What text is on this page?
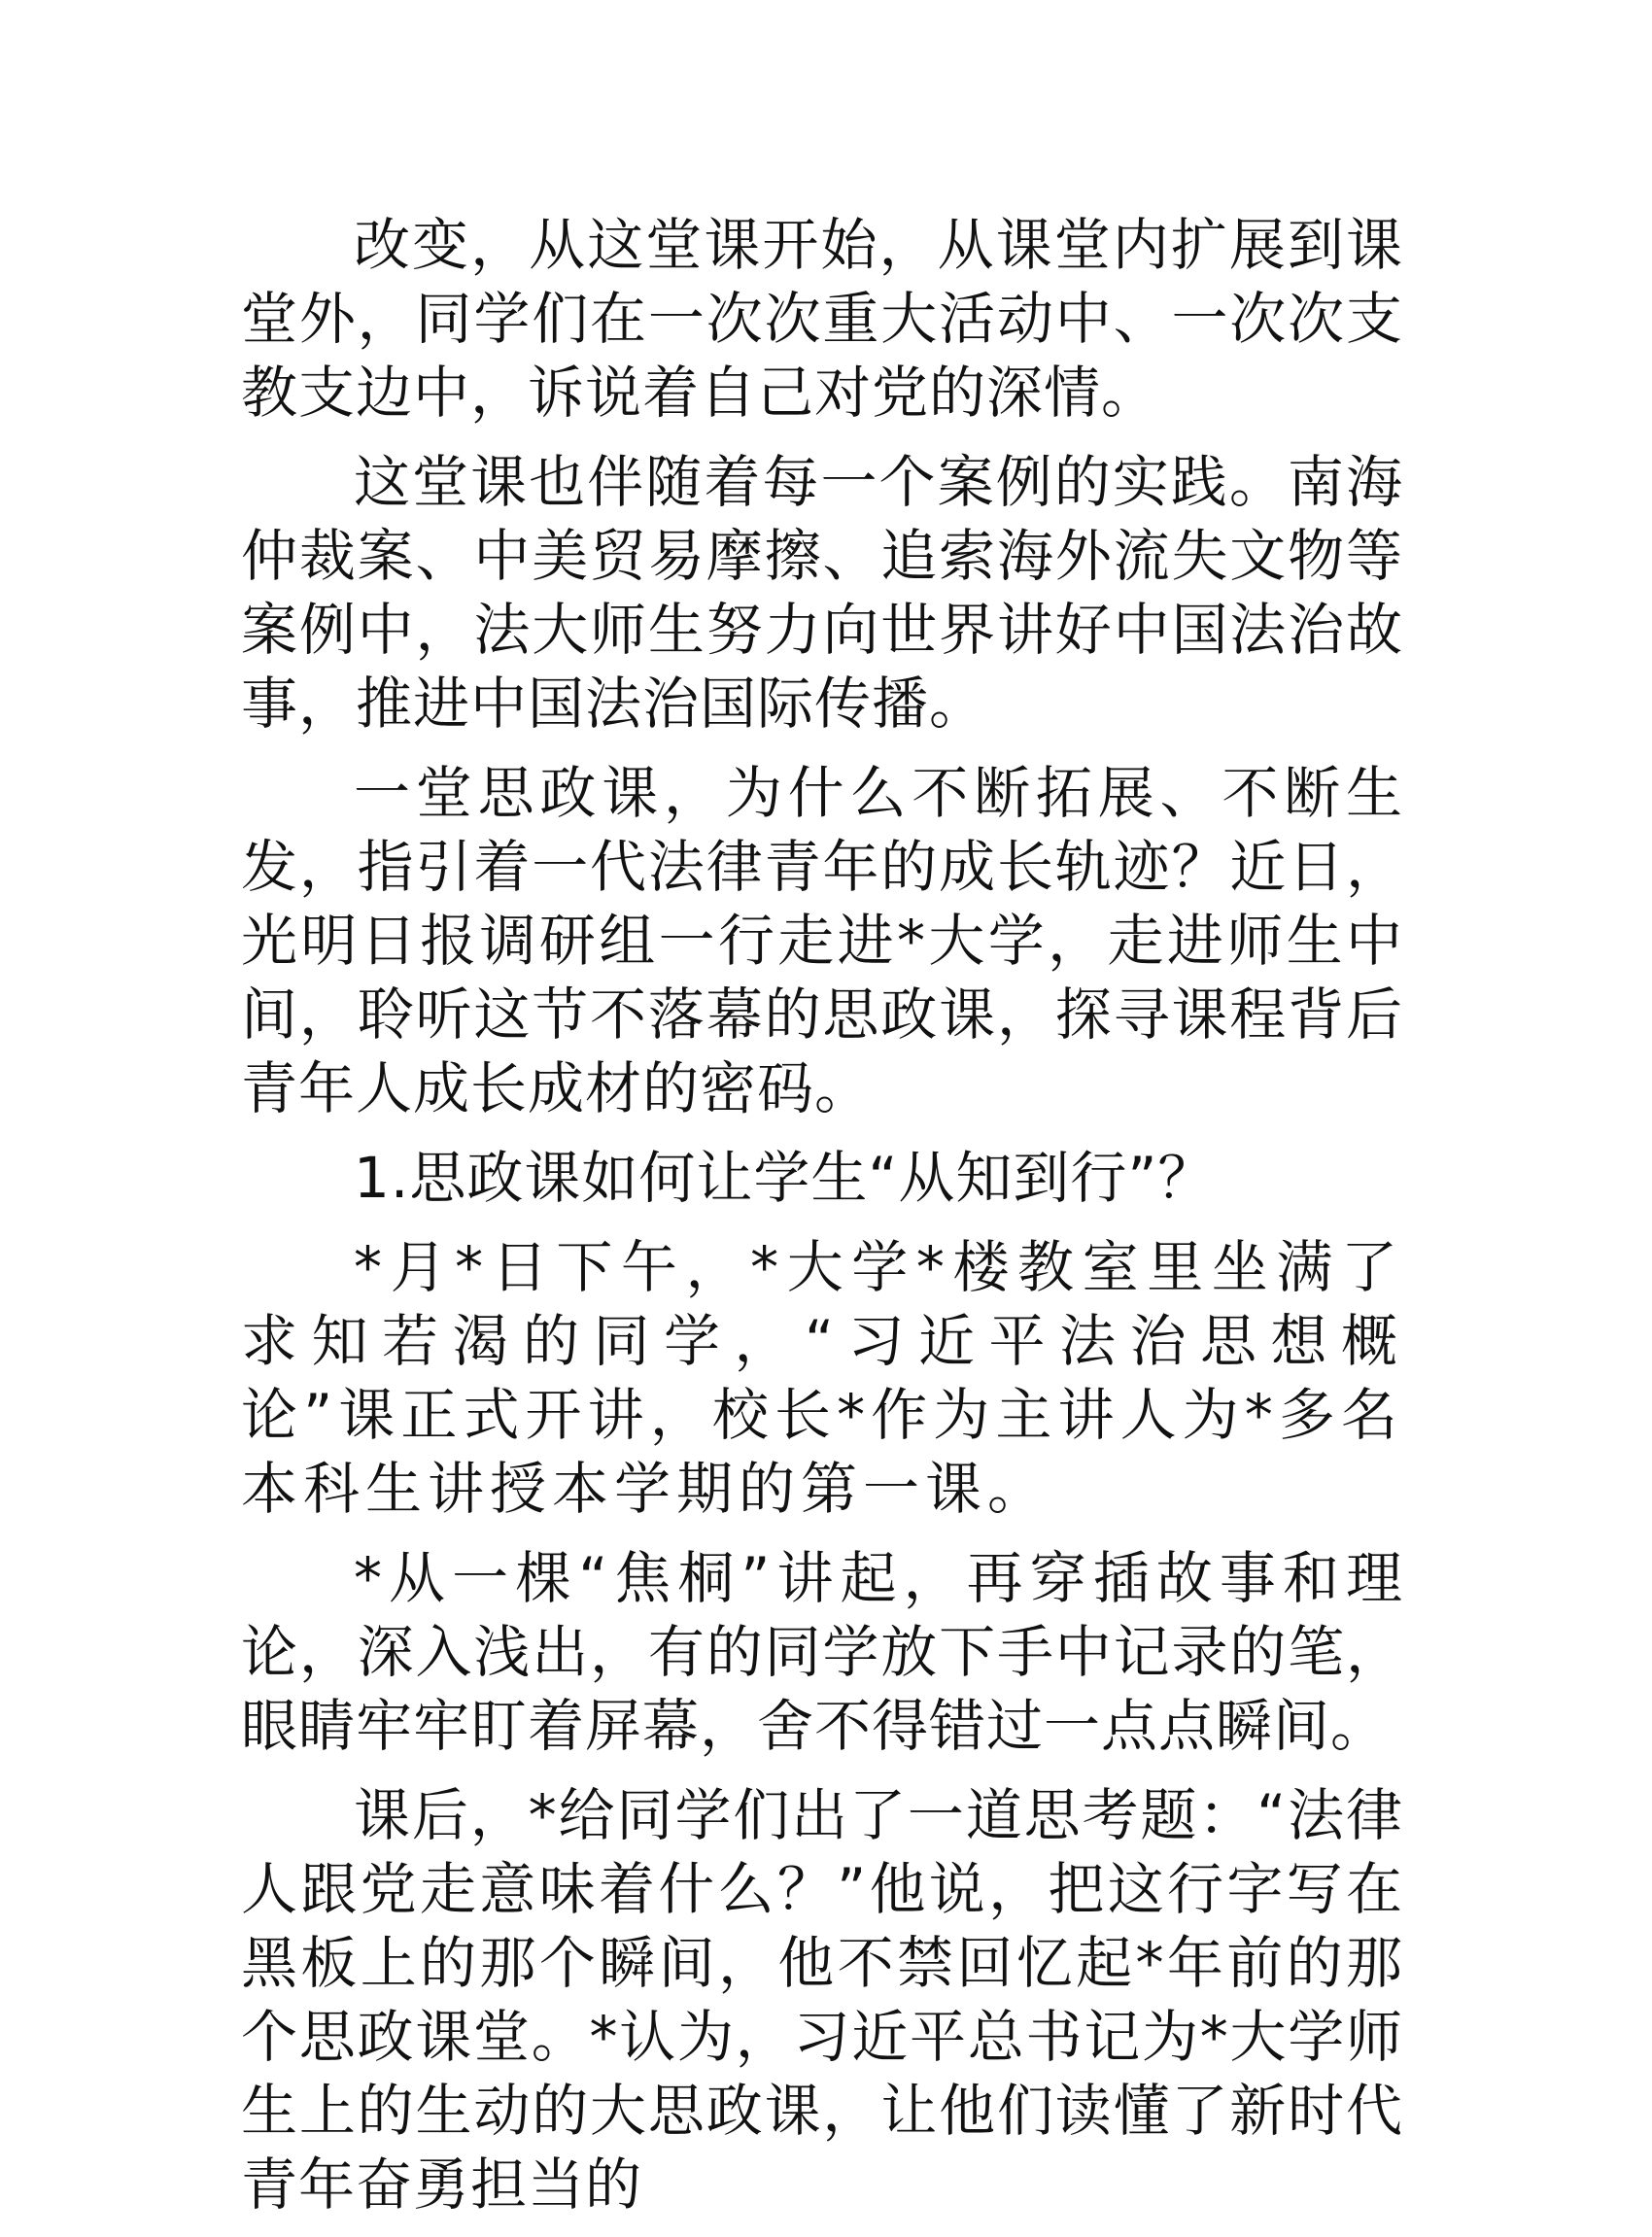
改变，从这堂课开始，从课堂内扩展到课堂外，同学们在一次次重大活动中、一次次支教支边中，诉说着自己对党的深情。

这堂课也伴随着每一个案例的实践。南海仲裁案、中美贸易摩擦、追索海外流失文物等案例中，法大师生努力向世界讲好中国法治故事，推进中国法治国际传播。

一堂思政课，为什么不断拓展、不断生发，指引着一代法律青年的成长轨迹？近日，光明日报调研组一行走进*大学，走进师生中间，聆听这节不落幕的思政课，探寻课程背后青年人成长成材的密码。

1.思政课如何让学生“从知到行”？

*月*日下午，*大学*楼教室里坐满了求知若渴的同学，“习近平法治思想概论”课正式开讲，校长*作为主讲人为*多名本科生讲授本学期的第一课。

*从一棵“焦桐”讲起，再穿插故事和理论，深入浅出，有的同学放下手中记录的笔，眼睛牢牢盯着屏幕，舍不得错过一点点瞬间。

课后，*给同学们出了一道思考题：“法律人跟党走意味着什么？”他说，把这行字写在黑板上的那个瞬间，他不禁回忆起*年前的那个思政课堂。*认为，习近平总书记为*大学师生上的生动的大思政课，让他们读懂了新时代青年奋勇担当的
